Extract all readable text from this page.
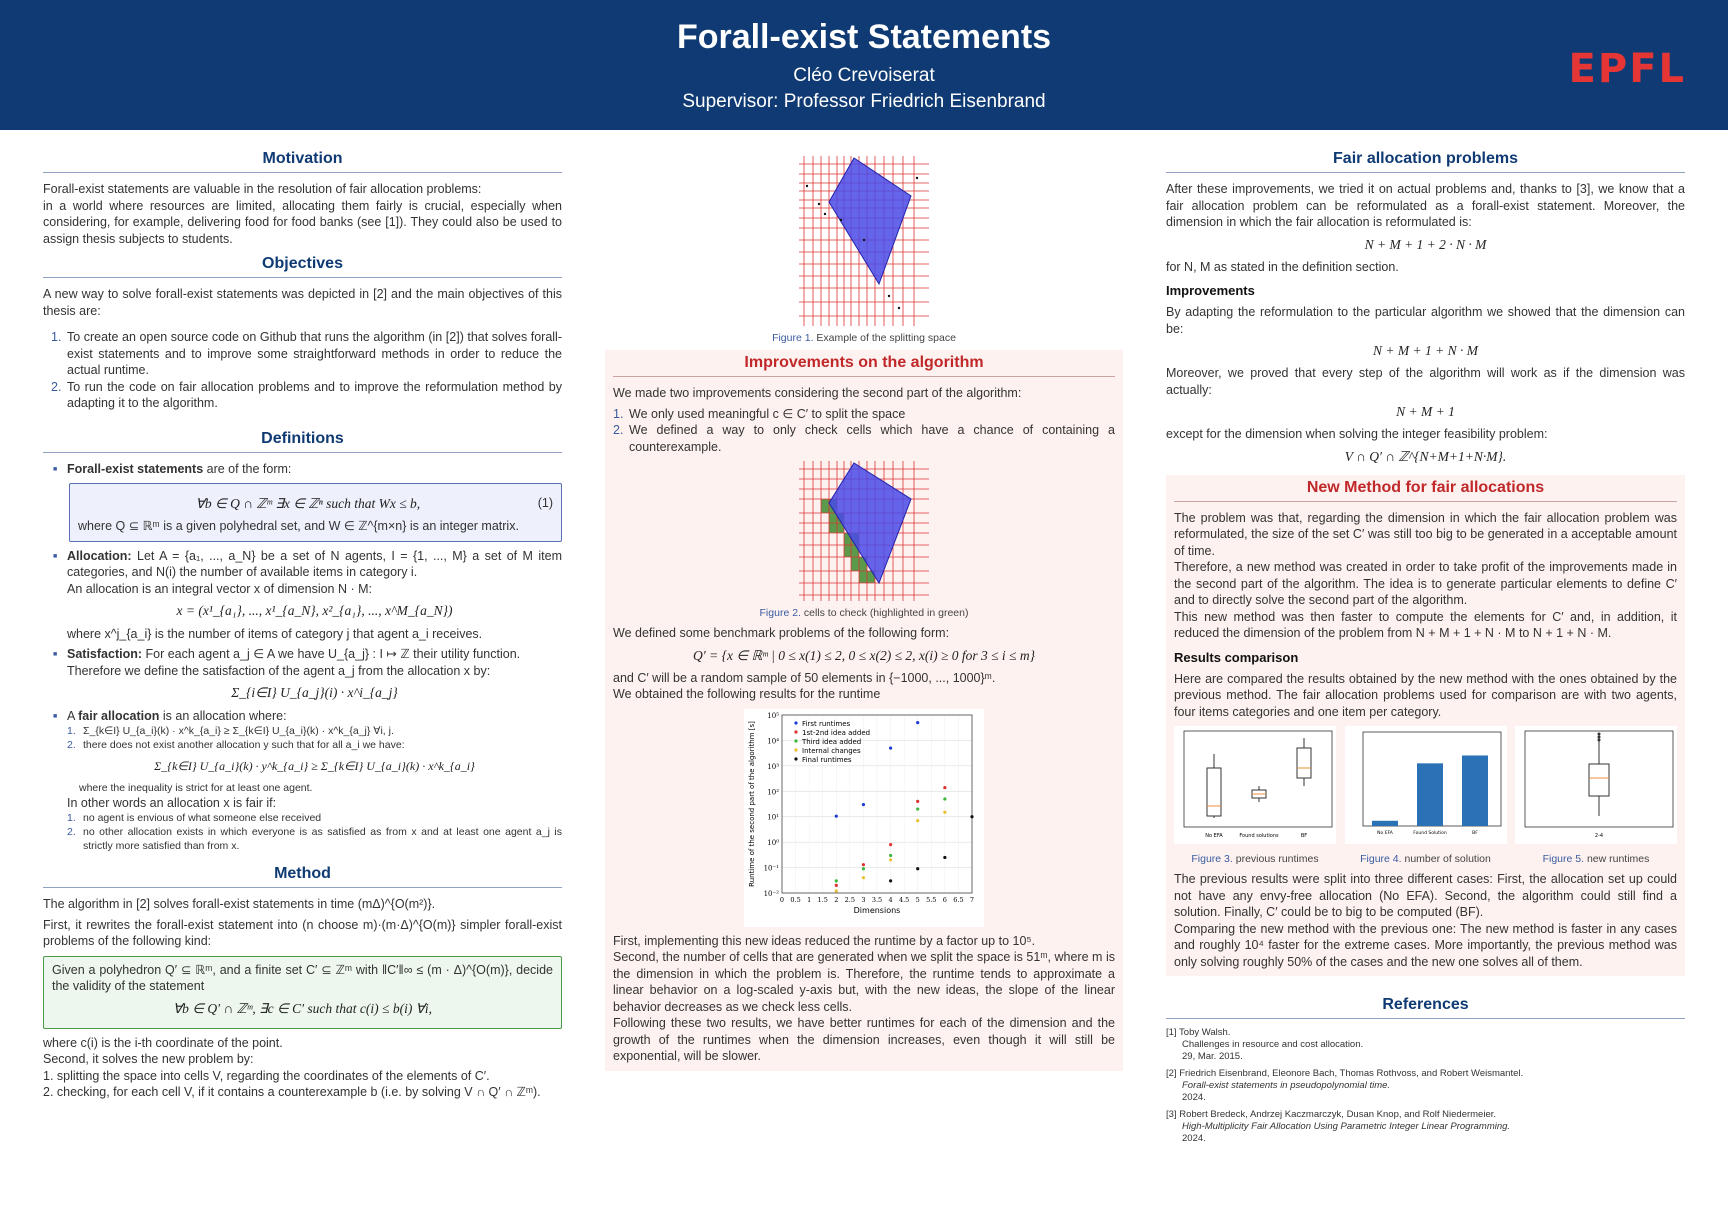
Forall-exist Statements
Cléo Crevoiserat
Supervisor: Professor Friedrich Eisenbrand
EPFL
Motivation

Forall-exist statements are valuable in the resolution of fair allocation problems:

in a world where resources are limited, allocating them fairly is crucial, especially when considering, for example, delivering food for food banks (see [1]). They could also be used to assign thesis subjects to students.

Objectives

A new way to solve forall-exist statements was depicted in [2] and the main objectives of this thesis are:

1. To create an open source code on Github that runs the algorithm (in [2]) that solves forall-exist statements and to improve some straightforward methods in order to reduce the actual runtime.
2. To run the code on fair allocation problems and to improve the reformulation method by adapting it to the algorithm.
Definitions

■ Forall-exist statements are of the form:

∀b ∈ Q ∩ ℤᵐ ∃x ∈ ℤⁿ such that Wx ≤ b,	(1)

where Q ⊆ ℝᵐ is a given polyhedral set, and W ∈ ℤ^{m×n} is an integer matrix.

■ Allocation: Let A = {a₁, ..., a_N} be a set of N agents, I = {1, ..., M} a set of M item categories, and N(i) the number of available items in category i.

An allocation is an integral vector x of dimension N · M:

x = (x¹_{a₁}, ..., x¹_{a_N}, x²_{a₁}, ..., x^M_{a_N})

where x^j_{a_i} is the number of items of category j that agent a_i receives.

■ Satisfaction: For each agent a_j ∈ A we have U_{a_j} : I ↦ ℤ their utility function.

Therefore we define the satisfaction of the agent a_j from the allocation x by:

Σ_{i∈I} U_{a_j}(i) · x^i_{a_j}

■ A fair allocation is an allocation where:

1. Σ_{k∈I} U_{a_i}(k) · x^k_{a_i} ≥ Σ_{k∈I} U_{a_i}(k) · x^k_{a_j} ∀i, j.
2. there does not exist another allocation y such that for all a_i we have:
Σ_{k∈I} U_{a_i}(k) · y^k_{a_i} ≥ Σ_{k∈I} U_{a_i}(k) · x^k_{a_i}

where the inequality is strict for at least one agent.

In other words an allocation x is fair if:

1. no agent is envious of what someone else received
2. no other allocation exists in which everyone is as satisfied as from x and at least one agent a_j is strictly more satisfied than from x.
Method

The algorithm in [2] solves forall-exist statements in time (mΔ)^{O(m²)}.

First, it rewrites the forall-exist statement into (n choose m)·(m·Δ)^{O(m)} simpler forall-exist problems of the following kind:

Given a polyhedron Q′ ⊆ ℝᵐ, and a finite set C′ ⊆ ℤᵐ with ‖C′‖∞ ≤ (m · Δ)^{O(m)}, decide the validity of the statement

∀b ∈ Q′ ∩ ℤᵐ, ∃c ∈ C′ such that c(i) ≤ b(i) ∀i,

where c(i) is the i-th coordinate of the point.

Second, it solves the new problem by:

1. splitting the space into cells V, regarding the coordinates of the elements of C′.

2. checking, for each cell V, if it contains a counterexample b (i.e. by solving V ∩ Q′ ∩ ℤᵐ).

Figure 1. Example of the splitting space
Improvements on the algorithm

We made two improvements considering the second part of the algorithm:

1. We only used meaningful c ∈ C′ to split the space
2. We defined a way to only check cells which have a chance of containing a counterexample.
Figure 2. cells to check (highlighted in green)

We defined some benchmark problems of the following form:

Q′ = {x ∈ ℝᵐ | 0 ≤ x(1) ≤ 2, 0 ≤ x(2) ≤ 2, x(i) ≥ 0 for 3 ≤ i ≤ m}

and C′ will be a random sample of 50 elements in {−1000, ..., 1000}ᵐ.

We obtained the following results for the runtime

10⁻²
10⁻¹
10⁰
10¹
10²
10³
10⁴
10⁵
0 0.5 1 1.5 2 2.5 3 3.5 4 4.5 5 5.5 6 6.5 7
Dimensions
Runtime of the second part of the algorithm [s]	First runtimes
1st-2nd idea added
Third idea added
Internal changes
Final runtimes

First, implementing this new ideas reduced the runtime by a factor up to 10⁵.

Second, the number of cells that are generated when we split the space is 51ᵐ, where m is the dimension in which the problem is. Therefore, the runtime tends to approximate a linear behavior on a log-scaled y-axis but, with the new ideas, the slope of the linear behavior decreases as we check less cells.

Following these two results, we have better runtimes for each of the dimension and the growth of the runtimes when the dimension increases, even though it will still be exponential, will be slower.

Fair allocation problems

After these improvements, we tried it on actual problems and, thanks to [3], we know that a fair allocation problem can be reformulated as a forall-exist statement. Moreover, the dimension in which the fair allocation is reformulated is:

N + M + 1 + 2 · N · M

for N, M as stated in the definition section.

Improvements

By adapting the reformulation to the particular algorithm we showed that the dimension can be:

N + M + 1 + N · M

Moreover, we proved that every step of the algorithm will work as if the dimension was actually:

N + M + 1

except for the dimension when solving the integer feasibility problem:

V ∩ Q′ ∩ ℤ^{N+M+1+N·M}.
New Method for fair allocations

The problem was that, regarding the dimension in which the fair allocation problem was reformulated, the size of the set C′ was still too big to be generated in a acceptable amount of time.

Therefore, a new method was created in order to take profit of the improvements made in the second part of the algorithm. The idea is to generate particular elements to define C′ and to directly solve the second part of the algorithm.

This new method was then faster to compute the elements for C′ and, in addition, it reduced the dimension of the problem from N + M + 1 + N · M to N + 1 + N · M.

Results comparison

Here are compared the results obtained by the new method with the ones obtained by the previous method. The fair allocation problems used for comparison are with two agents, four items categories and one item per category.

No EFA	Found solutions	BF
Figure 3. previous runtimes
No EFA	Found Solution	BF
Figure 4. number of solution
2-4
Figure 5. new runtimes

The previous results were split into three different cases: First, the allocation set up could not have any envy-free allocation (No EFA). Second, the algorithm could still find a solution. Finally, C′ could be to big to be computed (BF).

Comparing the new method with the previous one: The new method is faster in any cases and roughly 10⁴ faster for the extreme cases. More importantly, the previous method was only solving roughly 50% of the cases and the new one solves all of them.

References

[1] Toby Walsh.

Challenges in resource and cost allocation.

29, Mar. 2015.

[2] Friedrich Eisenbrand, Eleonore Bach, Thomas Rothvoss, and Robert Weismantel.

Forall-exist statements in pseudopolynomial time.

2024.

[3] Robert Bredeck, Andrzej Kaczmarczyk, Dusan Knop, and Rolf Niedermeier.

High-Multiplicity Fair Allocation Using Parametric Integer Linear Programming.

2024.
